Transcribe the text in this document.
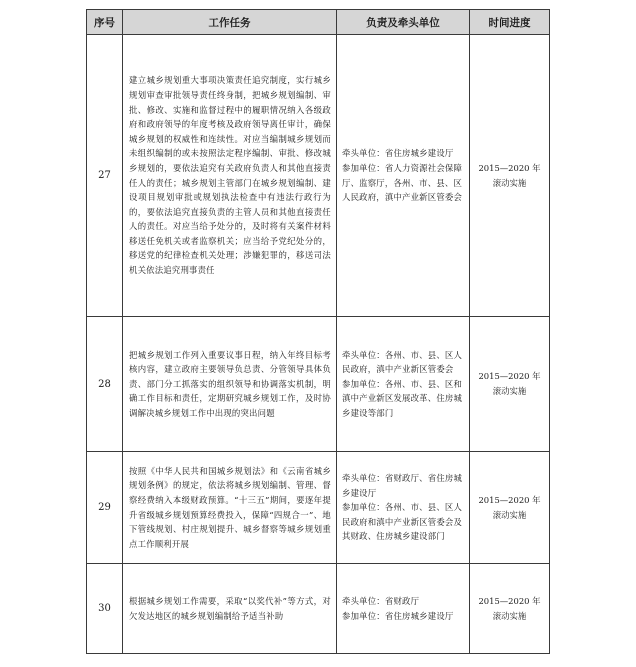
序号	工作任务	负责及牵头单位	时间进度
27	建立城乡规划重大事项决策责任追究制度，实行城乡规划审查审批领导责任终身制，把城乡规划编制、审批、修改、实施和监督过程中的履职情况纳入各级政府和政府领导的年度考核及政府领导离任审计，确保城乡规划的权威性和连续性。对应当编制城乡规划而未组织编制的或未按照法定程序编制、审批、修改城乡规划的，要依法追究有关政府负责人和其他直接责任人的责任；城乡规划主管部门在城乡规划编制、建设项目规划审批或规划执法检查中有违法行政行为的，要依法追究直接负责的主管人员和其他直接责任人的责任。对应当给予处分的，及时将有关案件材料移送任免机关或者监察机关；应当给予党纪处分的，移送党的纪律检查机关处理；涉嫌犯罪的，移送司法机关依法追究刑事责任	牵头单位：省住房城乡建设厅
参加单位：省人力资源社会保障厅、监察厅，各州、市、县、区人民政府，滇中产业新区管委会	2015—2020 年
滚动实施

28	把城乡规划工作列入重要议事日程，纳入年终目标考核内容，建立政府主要领导负总责、分管领导具体负责、部门分工抓落实的组织领导和协调落实机制，明确工作目标和责任，定期研究城乡规划工作，及时协调解决城乡规划工作中出现的突出问题	牵头单位：各州、市、县、区人民政府，滇中产业新区管委会
参加单位：各州、市、县、区和滇中产业新区发展改革、住房城乡建设等部门	2015—2020 年
滚动实施

29	按照《中华人民共和国城乡规划法》和《云南省城乡规划条例》的规定，依法将城乡规划编制、管理、督察经费纳入本级财政预算。“十三五”期间，要逐年提升省级城乡规划预算经费投入，保障“四规合一”、地下管线规划、村庄规划提升、城乡督察等城乡规划重点工作顺利开展	牵头单位：省财政厅、省住房城乡建设厅
参加单位：各州、市、县、区人民政府和滇中产业新区管委会及其财政、住房城乡建设部门	2015—2020 年
滚动实施

30	根据城乡规划工作需要，采取“以奖代补”等方式，对欠发达地区的城乡规划编制给予适当补助	牵头单位：省财政厅
参加单位：省住房城乡建设厅	2015—2020 年
滚动实施
